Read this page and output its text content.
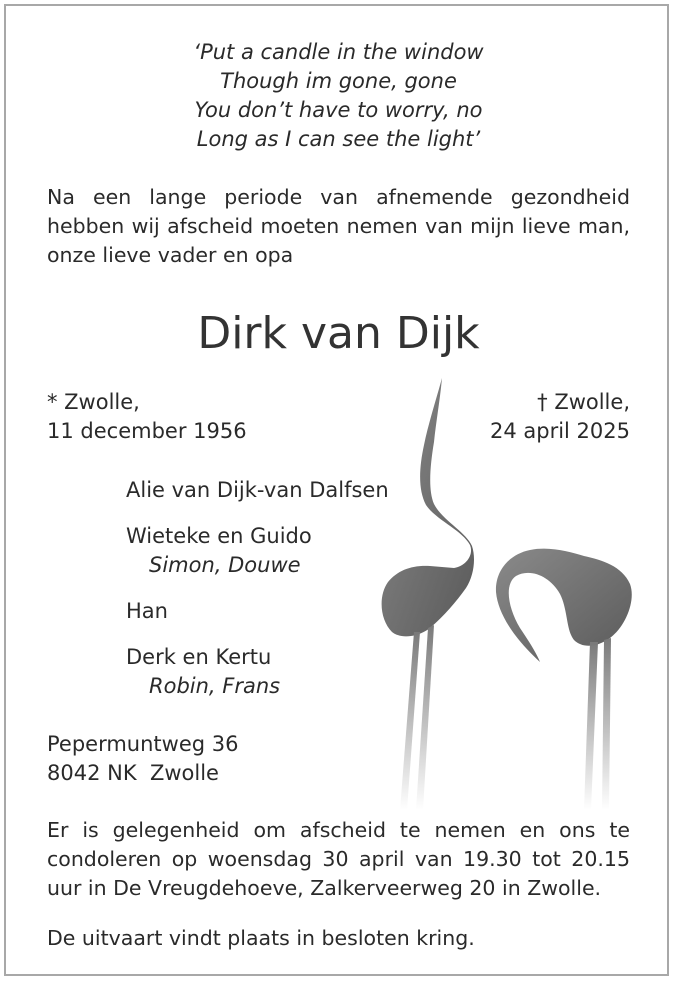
‘Put a candle in the window
Though im gone, gone
You don’t have to worry, no
Long as I can see the light’
Na een lange periode van afnemende gezondheid hebben wij afscheid moeten nemen van mijn lieve man, onze lieve vader en opa
Dirk van Dijk
* Zwolle,
11 december 1956
† Zwolle,
24 april 2025
Alie van Dijk-van Dalfsen
Wieteke en Guido
Simon, Douwe
Han
Derk en Kertu
Robin, Frans
Pepermuntweg 36
8042 NK  Zwolle
Er is gelegenheid om afscheid te nemen en ons te condoleren op woensdag 30 april van 19.30 tot 20.15 uur in De Vreugdehoeve, Zalkerveerweg 20 in Zwolle.
De uitvaart vindt plaats in besloten kring.
